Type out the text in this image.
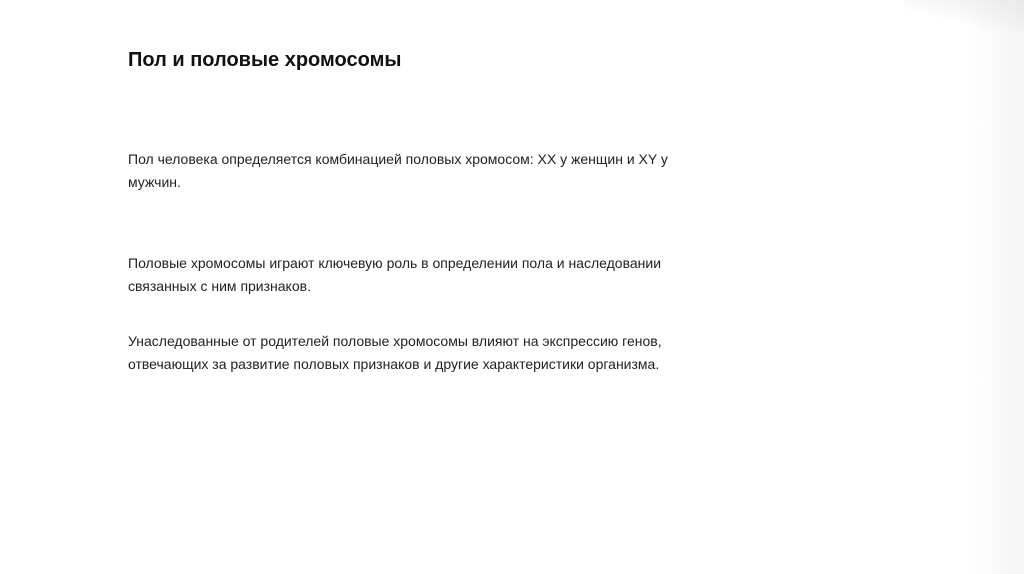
Пол и половые хромосомы

Пол человека определяется комбинацией половых хромосом: XX у женщин и XY у мужчин.

Половые хромосомы играют ключевую роль в определении пола и наследовании связанных с ним признаков.

Унаследованные от родителей половые хромосомы влияют на экспрессию генов, отвечающих за развитие половых признаков и другие характеристики организма.
